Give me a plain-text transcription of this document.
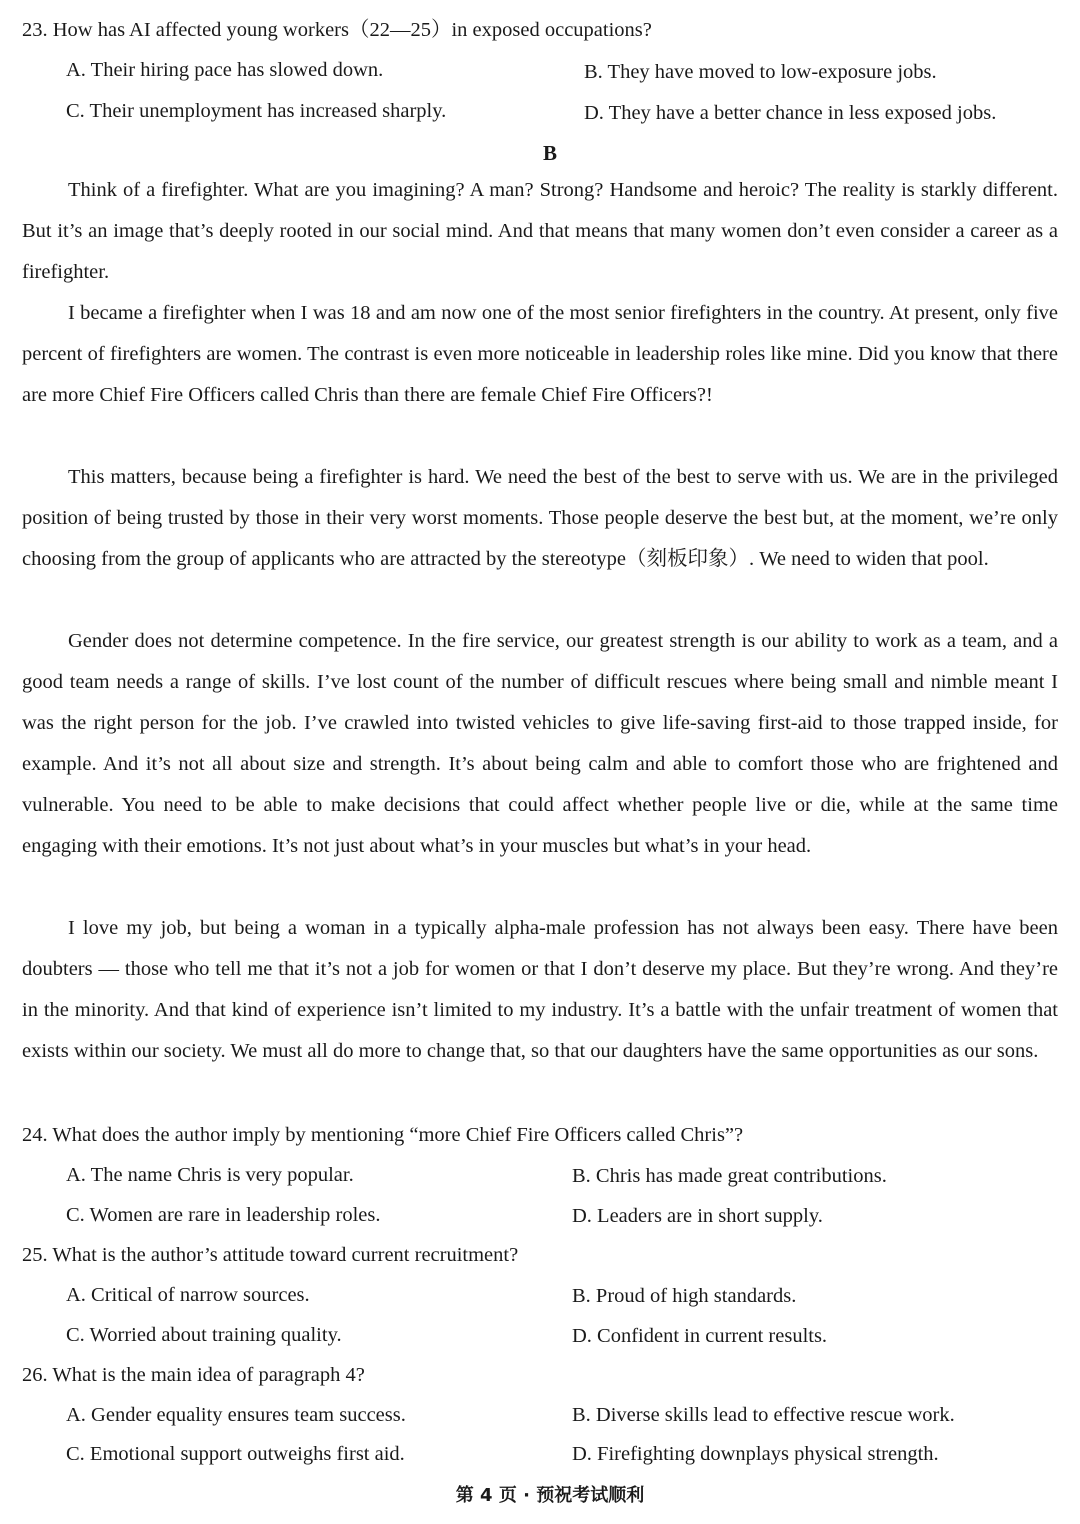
23. How has AI affected young workers（22—25）in exposed occupations?
A. Their hiring pace has slowed down.	B. They have moved to low-exposure jobs.
C. Their unemployment has increased sharply.	D. They have a better chance in less exposed jobs.
B
Think of a firefighter. What are you imagining? A man? Strong? Handsome and heroic? The reality is starkly different. But it’s an image that’s deeply rooted in our social mind. And that means that many women don’t even consider a career as a firefighter.
I became a firefighter when I was 18 and am now one of the most senior firefighters in the country. At present, only five percent of firefighters are women. The contrast is even more noticeable in leadership roles like mine. Did you know that there are more Chief Fire Officers called Chris than there are female Chief Fire Officers?!
This matters, because being a firefighter is hard. We need the best of the best to serve with us. We are in the privileged position of being trusted by those in their very worst moments. Those people deserve the best but, at the moment, we’re only choosing from the group of applicants who are attracted by the stereotype（刻板印象）. We need to widen that pool.
Gender does not determine competence. In the fire service, our greatest strength is our ability to work as a team, and a good team needs a range of skills. I’ve lost count of the number of difficult rescues where being small and nimble meant I was the right person for the job. I’ve crawled into twisted vehicles to give life-saving first-aid to those trapped inside, for example. And it’s not all about size and strength. It’s about being calm and able to comfort those who are frightened and vulnerable. You need to be able to make decisions that could affect whether people live or die, while at the same time engaging with their emotions. It’s not just about what’s in your muscles but what’s in your head.
I love my job, but being a woman in a typically alpha-male profession has not always been easy. There have been doubters — those who tell me that it’s not a job for women or that I don’t deserve my place. But they’re wrong. And they’re in the minority. And that kind of experience isn’t limited to my industry. It’s a battle with the unfair treatment of women that exists within our society. We must all do more to change that, so that our daughters have the same opportunities as our sons.
24. What does the author imply by mentioning “more Chief Fire Officers called Chris”?
A. The name Chris is very popular.	B. Chris has made great contributions.
C. Women are rare in leadership roles.	D. Leaders are in short supply.
25. What is the author’s attitude toward current recruitment?
A. Critical of narrow sources.	B. Proud of high standards.
C. Worried about training quality.	D. Confident in current results.
26. What is the main idea of paragraph 4?
A. Gender equality ensures team success.	B. Diverse skills lead to effective rescue work.
C. Emotional support outweighs first aid.	D. Firefighting downplays physical strength.
第 4 页 · 预祝考试顺利
